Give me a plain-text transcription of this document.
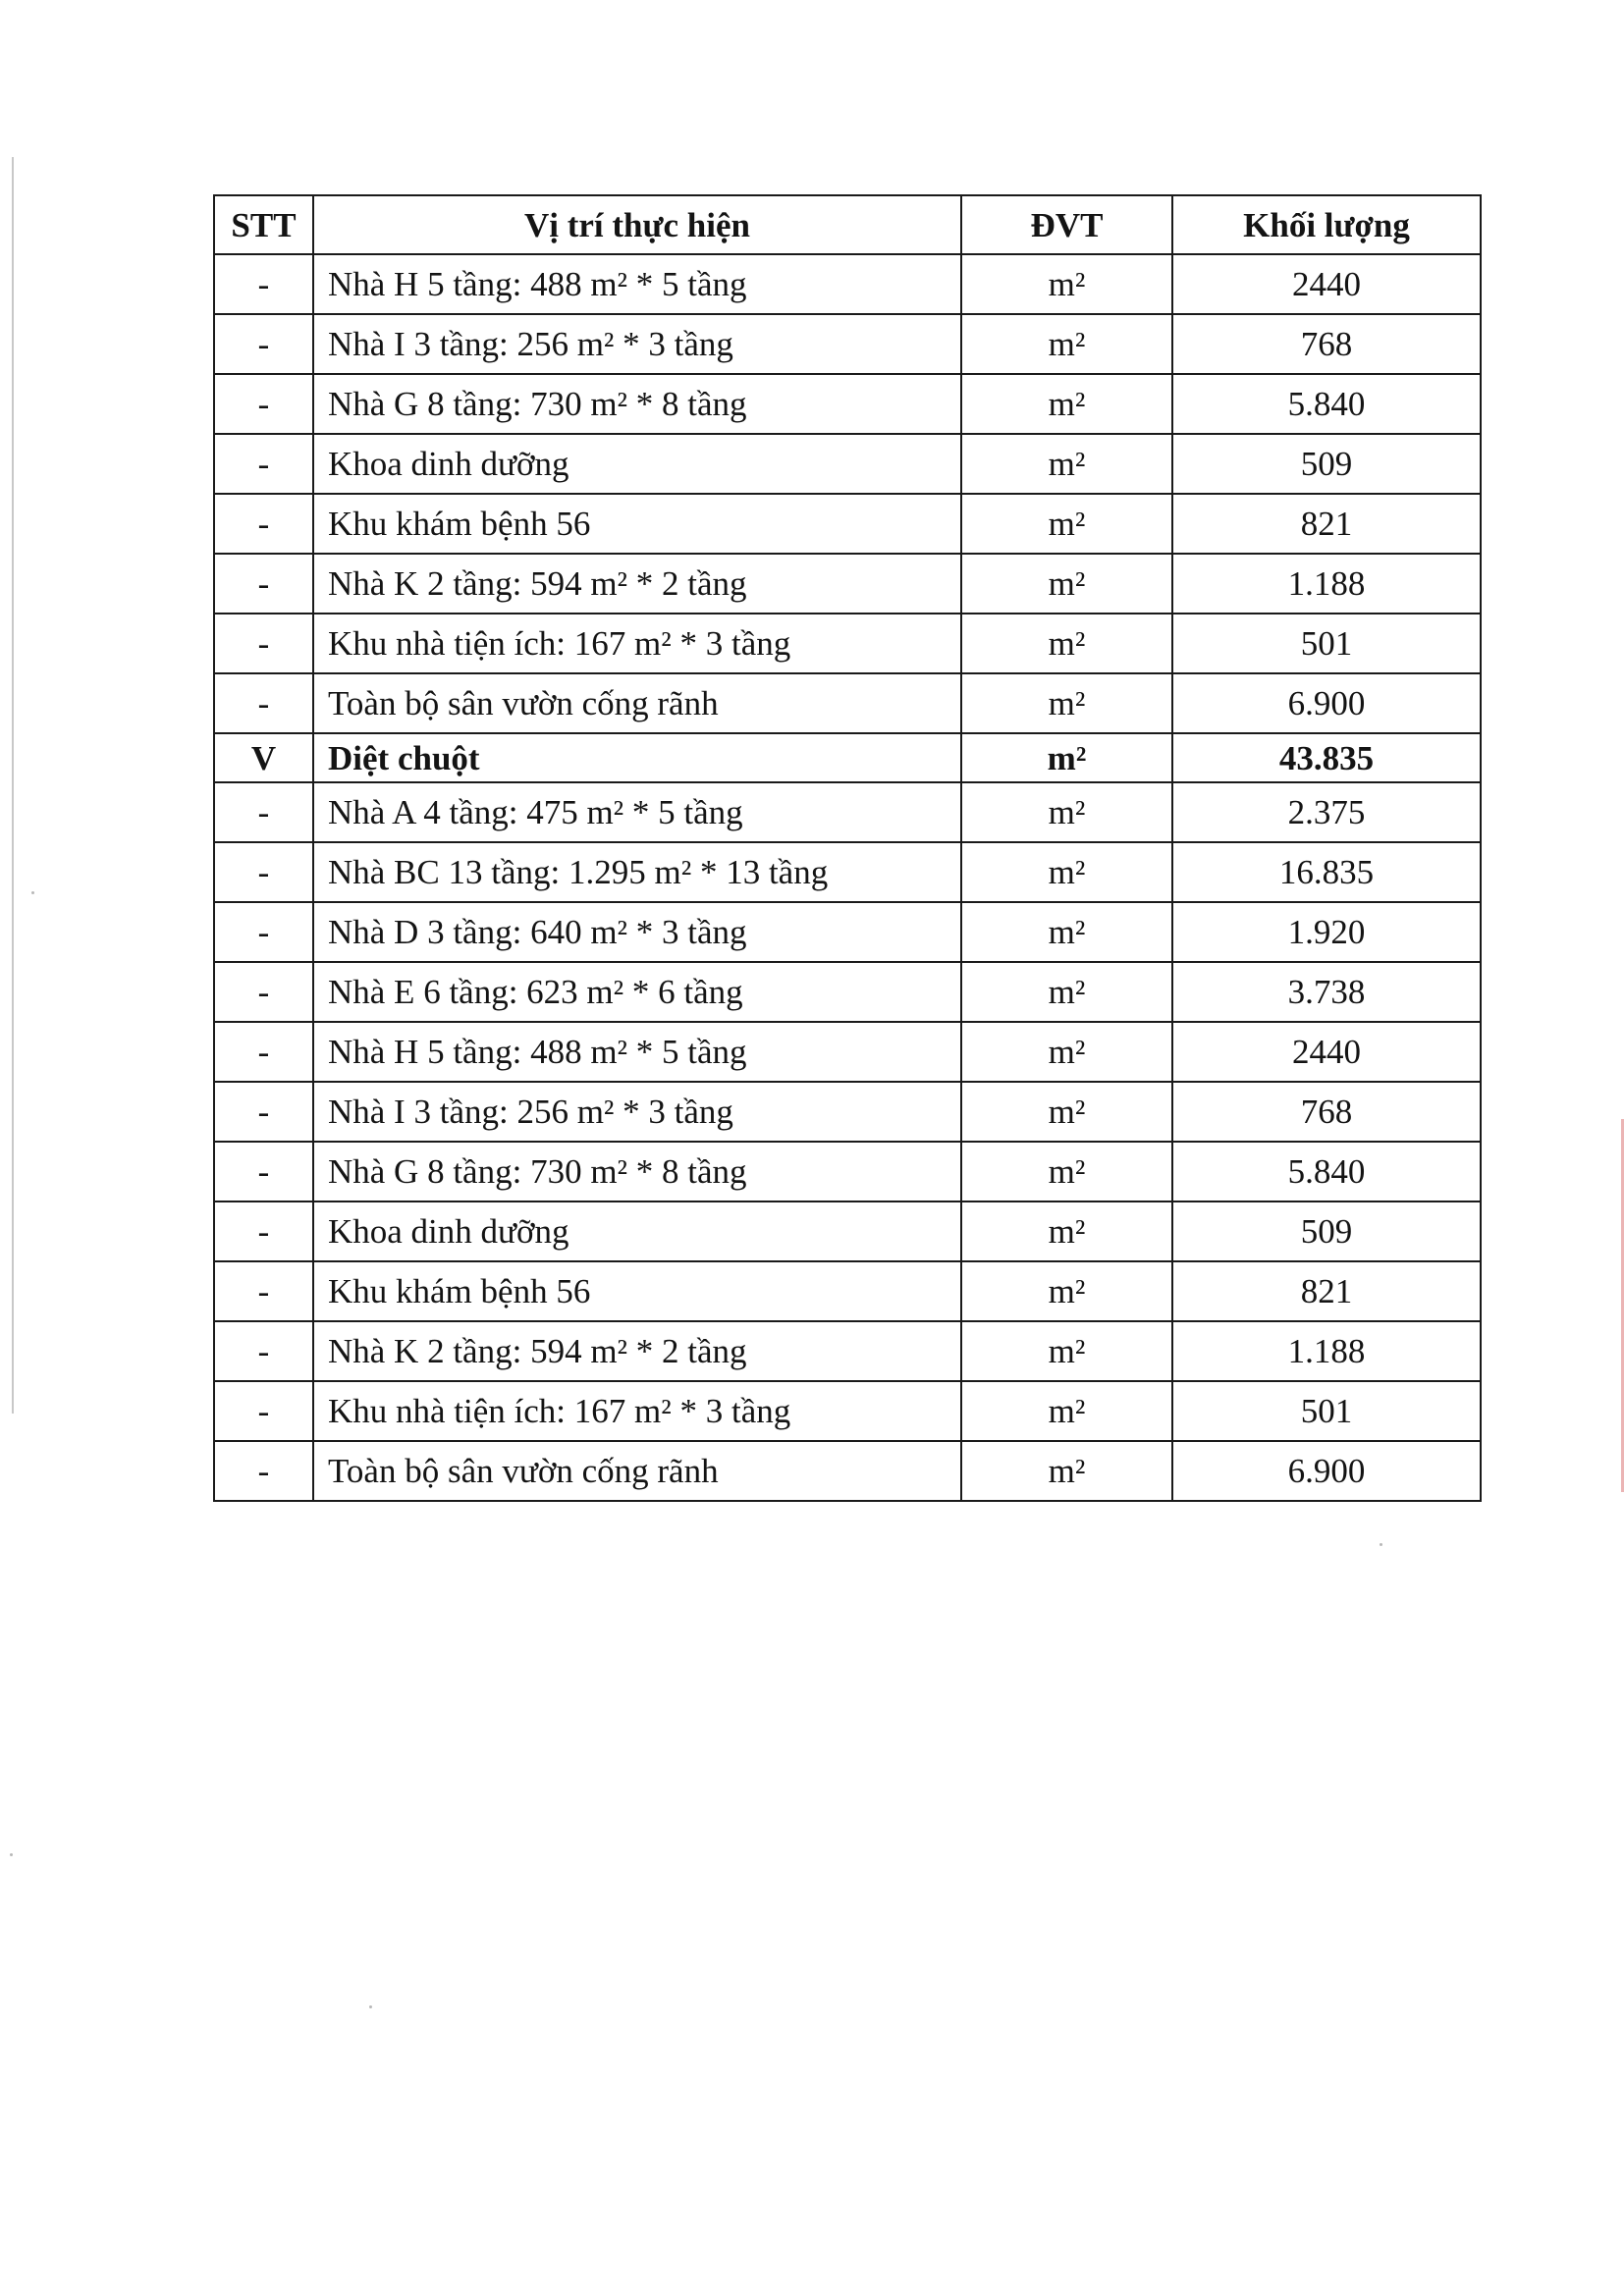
STT	Vị trí thực hiện	ĐVT	Khối lượng
-	Nhà H 5 tầng: 488 m² * 5 tầng	m²	2440
-	Nhà I 3 tầng: 256 m² * 3 tầng	m²	768
-	Nhà G 8 tầng: 730 m² * 8 tầng	m²	5.840
-	Khoa dinh dưỡng	m²	509
-	Khu khám bệnh 56	m²	821
-	Nhà K 2 tầng: 594 m² * 2 tầng	m²	1.188
-	Khu nhà tiện ích: 167 m² * 3 tầng	m²	501
-	Toàn bộ sân vườn cống rãnh	m²	6.900
V	Diệt chuột	m²	43.835
-	Nhà A 4 tầng: 475 m² * 5 tầng	m²	2.375
-	Nhà BC 13 tầng: 1.295 m² * 13 tầng	m²	16.835
-	Nhà D 3 tầng: 640 m² * 3 tầng	m²	1.920
-	Nhà E 6 tầng: 623 m² * 6 tầng	m²	3.738
-	Nhà H 5 tầng: 488 m² * 5 tầng	m²	2440
-	Nhà I 3 tầng: 256 m² * 3 tầng	m²	768
-	Nhà G 8 tầng: 730 m² * 8 tầng	m²	5.840
-	Khoa dinh dưỡng	m²	509
-	Khu khám bệnh 56	m²	821
-	Nhà K 2 tầng: 594 m² * 2 tầng	m²	1.188
-	Khu nhà tiện ích: 167 m² * 3 tầng	m²	501
-	Toàn bộ sân vườn cống rãnh	m²	6.900
